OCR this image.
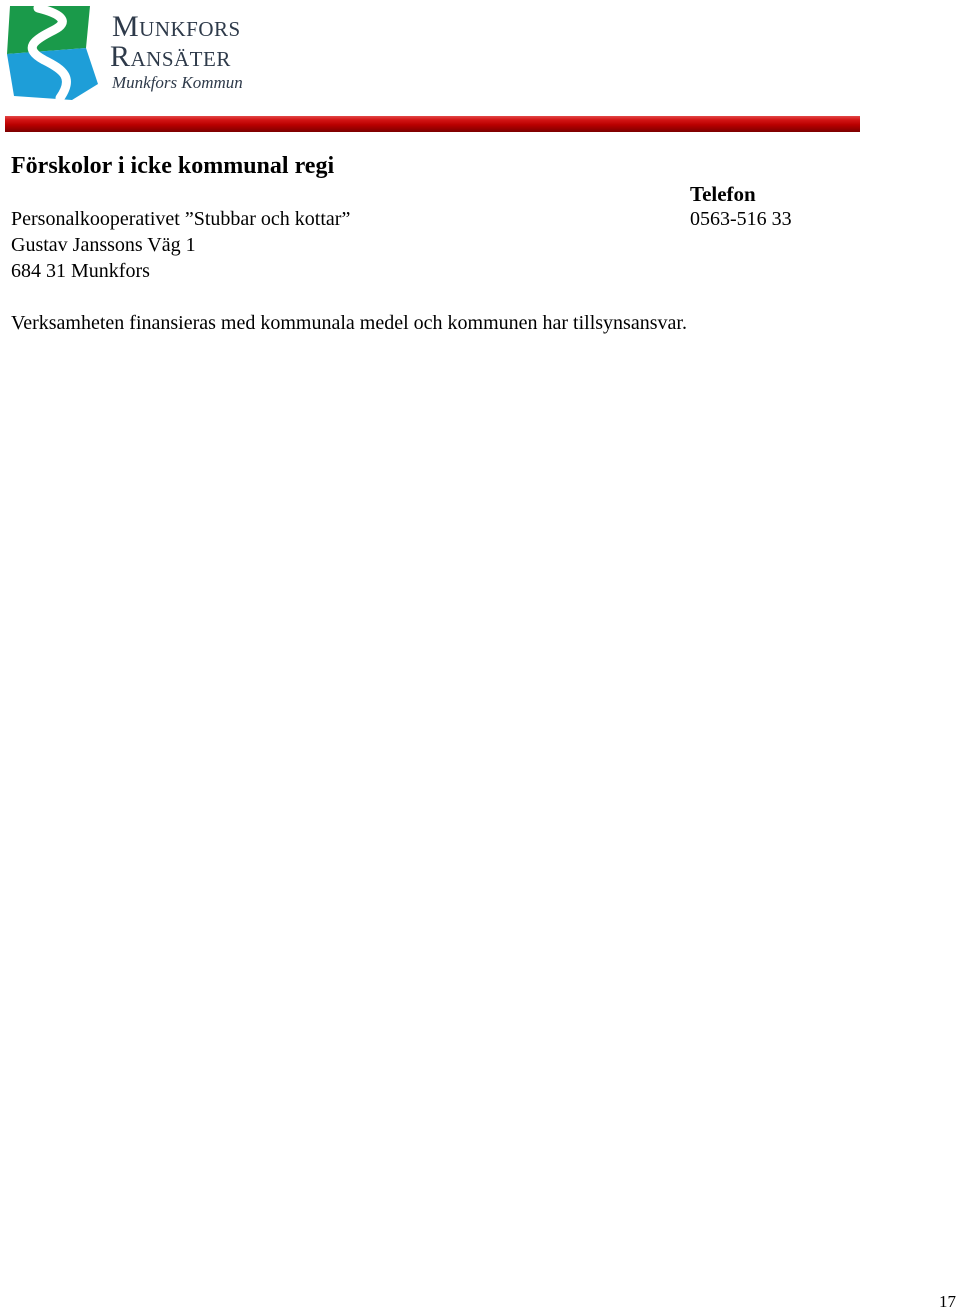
Munkfors
Ransäter
Munkfors Kommun
Förskolor i icke kommunal regi
Telefon
Personalkooperativet ”Stubbar och kottar”	0563-516 33
Gustav Janssons Väg 1
684 31 Munkfors
Verksamheten finansieras med kommunala medel och kommunen har tillsynsansvar.
17
